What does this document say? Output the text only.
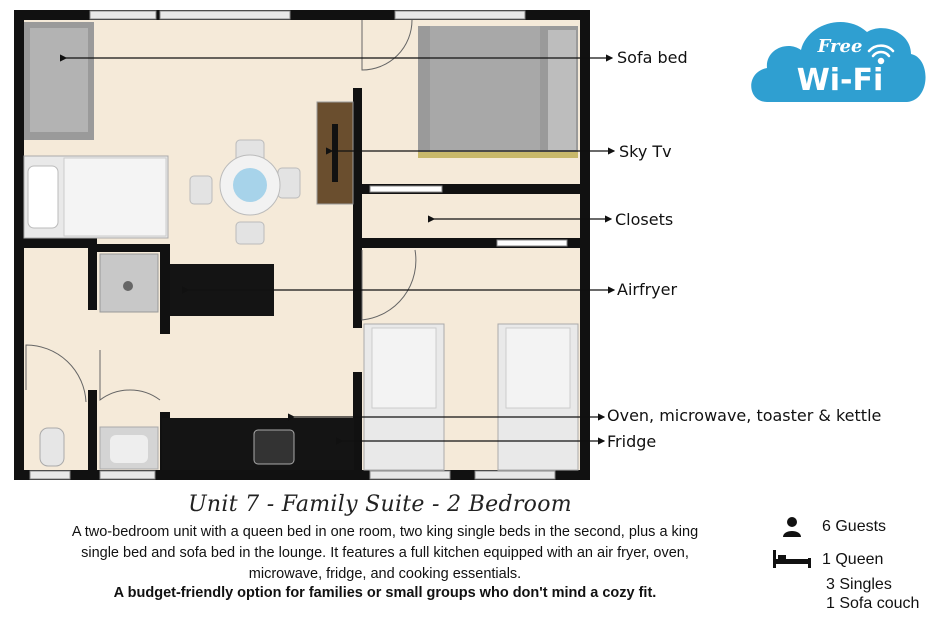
Sofa bed
Sky Tv
Closets
Airfryer
Oven, microwave, toaster & kettle
Fridge
Free
Wi-Fi
Unit 7 - Family Suite - 2 Bedroom
A two-bedroom unit with a queen bed in one room, two king single beds in the second, plus a king
single bed and sofa bed in the lounge. It features a full kitchen equipped with an air fryer, oven,
microwave, fridge, and cooking essentials.
A budget-friendly option for families or small groups who don't mind a cozy fit.
6 Guests
1 Queen
3 Singles
1 Sofa couch
